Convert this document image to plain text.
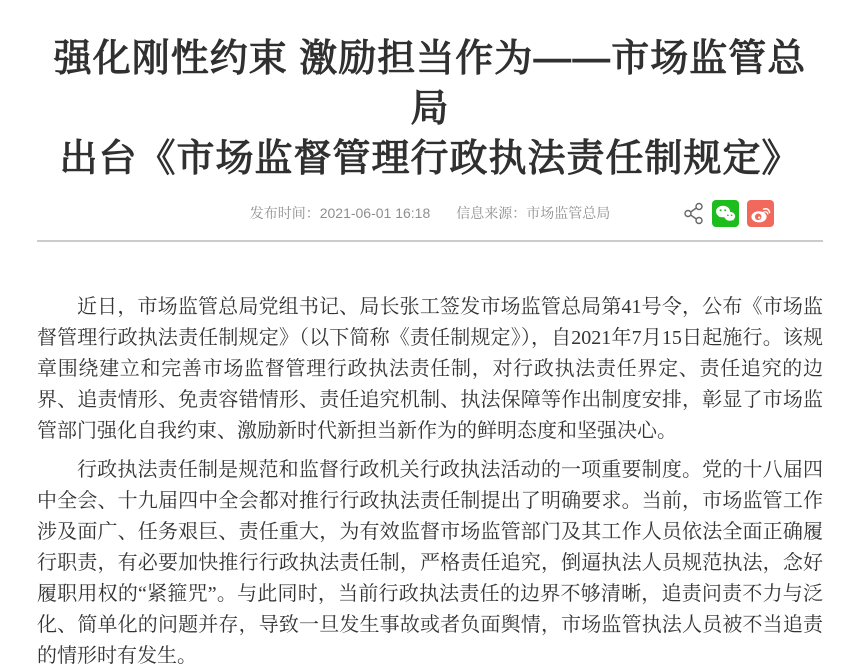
强化刚性约束 激励担当作为——市场监管总局
出台《市场监督管理行政执法责任制规定》
发布时间：2021-06-01 16:18 信息来源：市场监管总局

近日，市场监管总局党组书记、局长张工签发市场监管总局第41号令，公布《市场监督管理行政执法责任制规定》（以下简称《责任制规定》），自2021年7月15日起施行。该规章围绕建立和完善市场监督管理行政执法责任制，对行政执法责任界定、责任追究的边界、追责情形、免责容错情形、责任追究机制、执法保障等作出制度安排，彰显了市场监管部门强化自我约束、激励新时代新担当新作为的鲜明态度和坚强决心。

行政执法责任制是规范和监督行政机关行政执法活动的一项重要制度。党的十八届四中全会、十九届四中全会都对推行行政执法责任制提出了明确要求。当前，市场监管工作涉及面广、任务艰巨、责任重大，为有效监督市场监管部门及其工作人员依法全面正确履行职责，有必要加快推行行政执法责任制，严格责任追究，倒逼执法人员规范执法，念好履职用权的“紧箍咒”。与此同时，当前行政执法责任的边界不够清晰，追责问责不力与泛化、简单化的问题并存，导致一旦发生事故或者负面舆情，市场监管执法人员被不当追责的情形时有发生。
